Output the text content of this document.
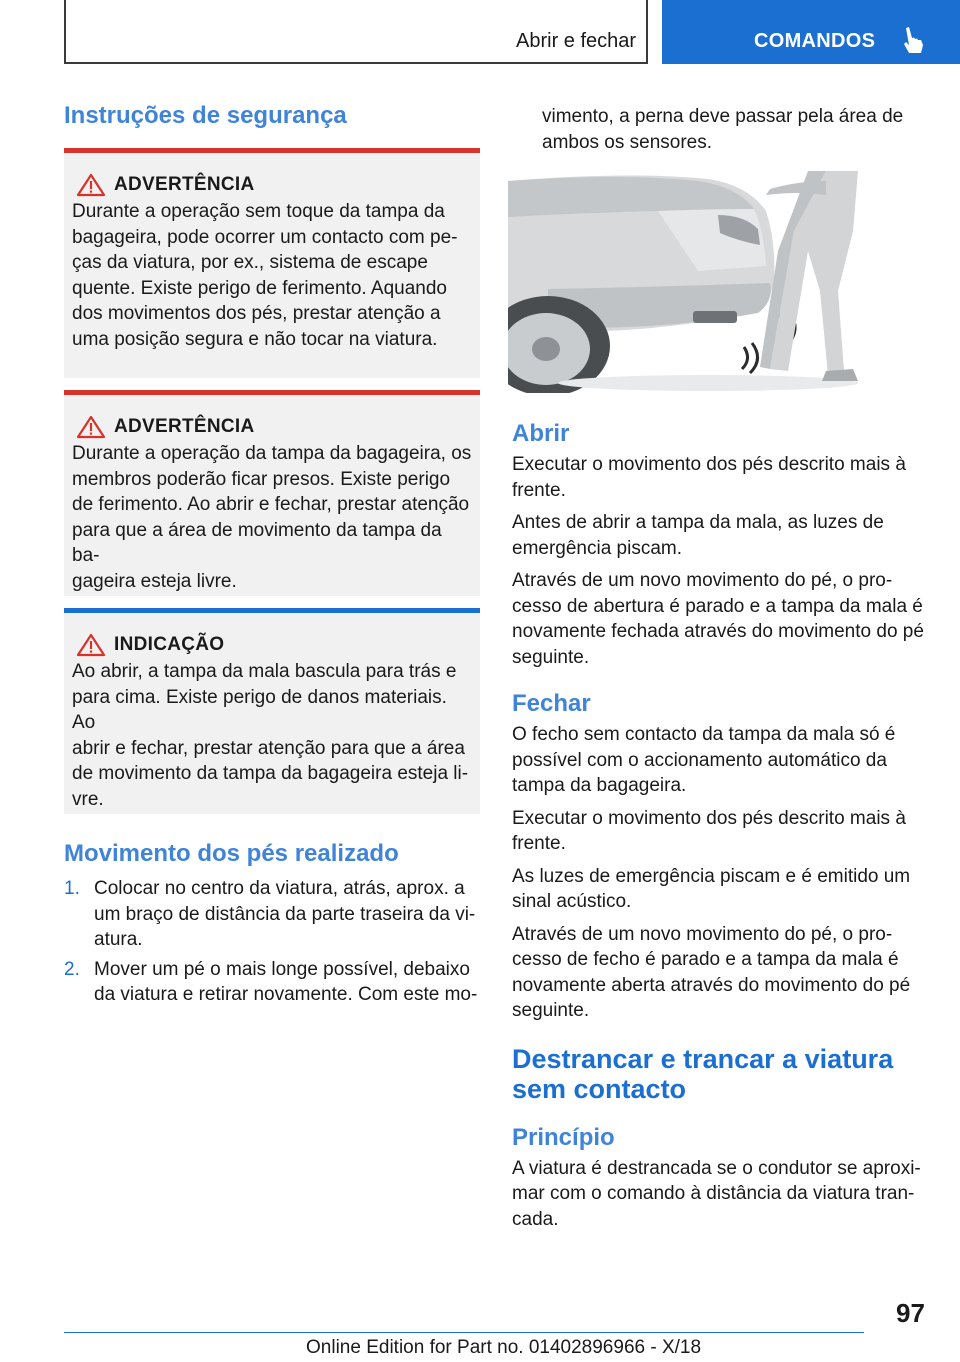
Abrir e fechar	COMANDOS
Instruções de segurança
ADVERTÊNCIA

Durante a operação sem toque da tampa da

bagageira, pode ocorrer um contacto com pe-

ças da viatura, por ex., sistema de escape

quente. Existe perigo de ferimento. Aquando

dos movimentos dos pés, prestar atenção a

uma posição segura e não tocar na viatura.

ADVERTÊNCIA

Durante a operação da tampa da bagageira, os

membros poderão ficar presos. Existe perigo

de ferimento. Ao abrir e fechar, prestar atenção

para que a área de movimento da tampa da ba-

gageira esteja livre.

INDICAÇÃO

Ao abrir, a tampa da mala bascula para trás e

para cima. Existe perigo de danos materiais. Ao

abrir e fechar, prestar atenção para que a área

de movimento da tampa da bagageira esteja li-

vre.

Movimento dos pés realizado
1. Colocar no centro da viatura, atrás, aprox. a
um braço de distância da parte traseira da vi-
atura.
2. Mover um pé o mais longe possível, debaixo
da viatura e retirar novamente. Com este mo-

vimento, a perna deve passar pela área de

ambos os sensores.

Abrir

Executar o movimento dos pés descrito mais à

frente.

Antes de abrir a tampa da mala, as luzes de

emergência piscam.

Através de um novo movimento do pé, o pro-

cesso de abertura é parado e a tampa da mala é

novamente fechada através do movimento do pé

seguinte.

Fechar

O fecho sem contacto da tampa da mala só é

possível com o accionamento automático da

tampa da bagageira.

Executar o movimento dos pés descrito mais à

frente.

As luzes de emergência piscam e é emitido um

sinal acústico.

Através de um novo movimento do pé, o pro-

cesso de fecho é parado e a tampa da mala é

novamente aberta através do movimento do pé

seguinte.

Destrancar e trancar a viatura
sem contacto
Princípio

A viatura é destrancada se o condutor se aproxi-

mar com o comando à distância da viatura tran-

cada.

97
Online Edition for Part no. 01402896966 - X/18
